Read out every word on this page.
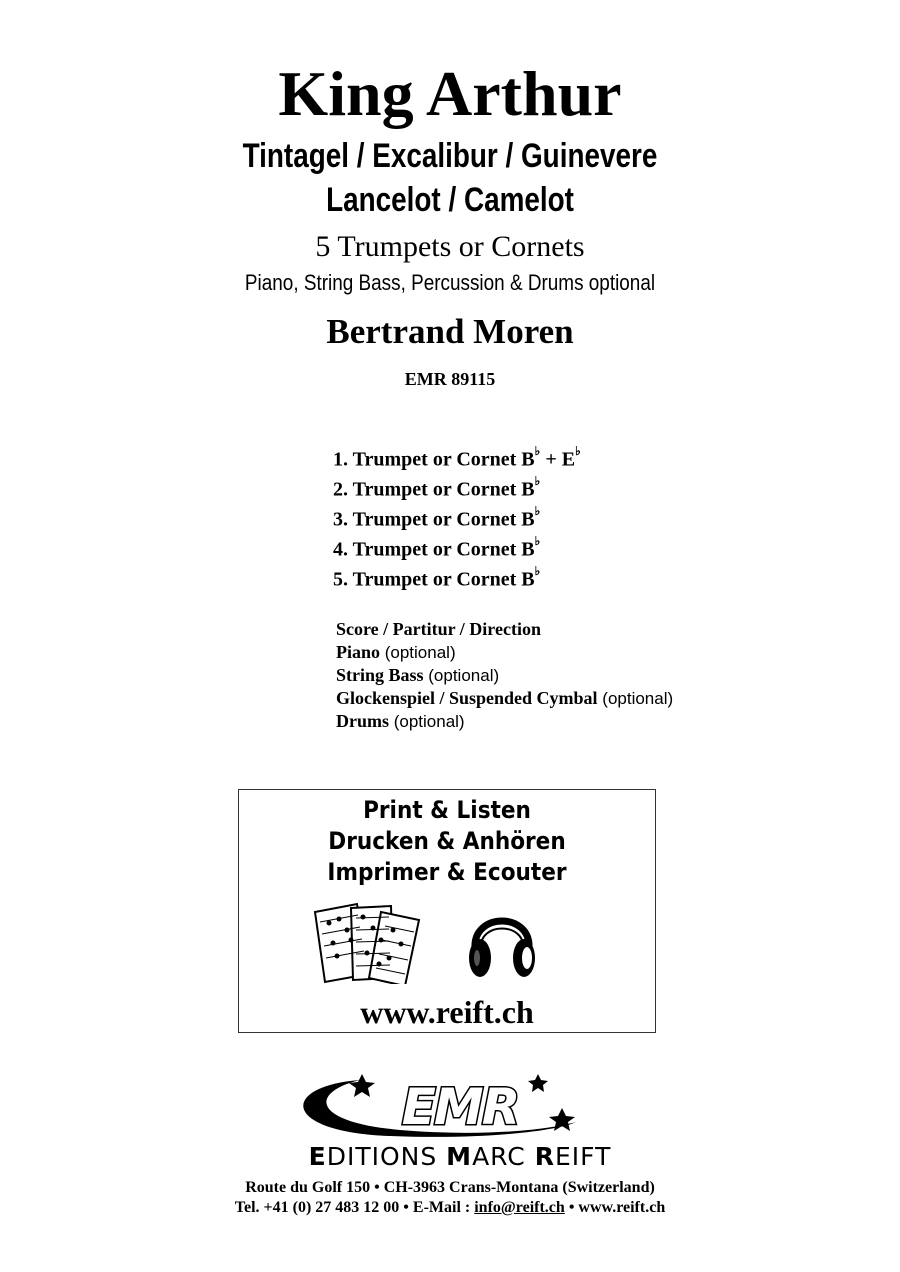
King Arthur
Tintagel / Excalibur / Guinevere
Lancelot / Camelot
5 Trumpets or Cornets
Piano, String Bass, Percussion & Drums optional
Bertrand Moren
EMR 89115
1. Trumpet or Cornet B♭ + E♭
2. Trumpet or Cornet B♭
3. Trumpet or Cornet B♭
4. Trumpet or Cornet B♭
5. Trumpet or Cornet B♭
Score / Partitur / Direction
Piano (optional)
String Bass (optional)
Glockenspiel / Suspended Cymbal (optional)
Drums (optional)
Print & Listen
Drucken & Anhören
Imprimer & Ecouter
www.reift.ch
EMR
EDITIONS MARC REIFT
Route du Golf 150 • CH-3963 Crans-Montana (Switzerland)
Tel. +41 (0) 27 483 12 00 • E-Mail : info@reift.ch • www.reift.ch
